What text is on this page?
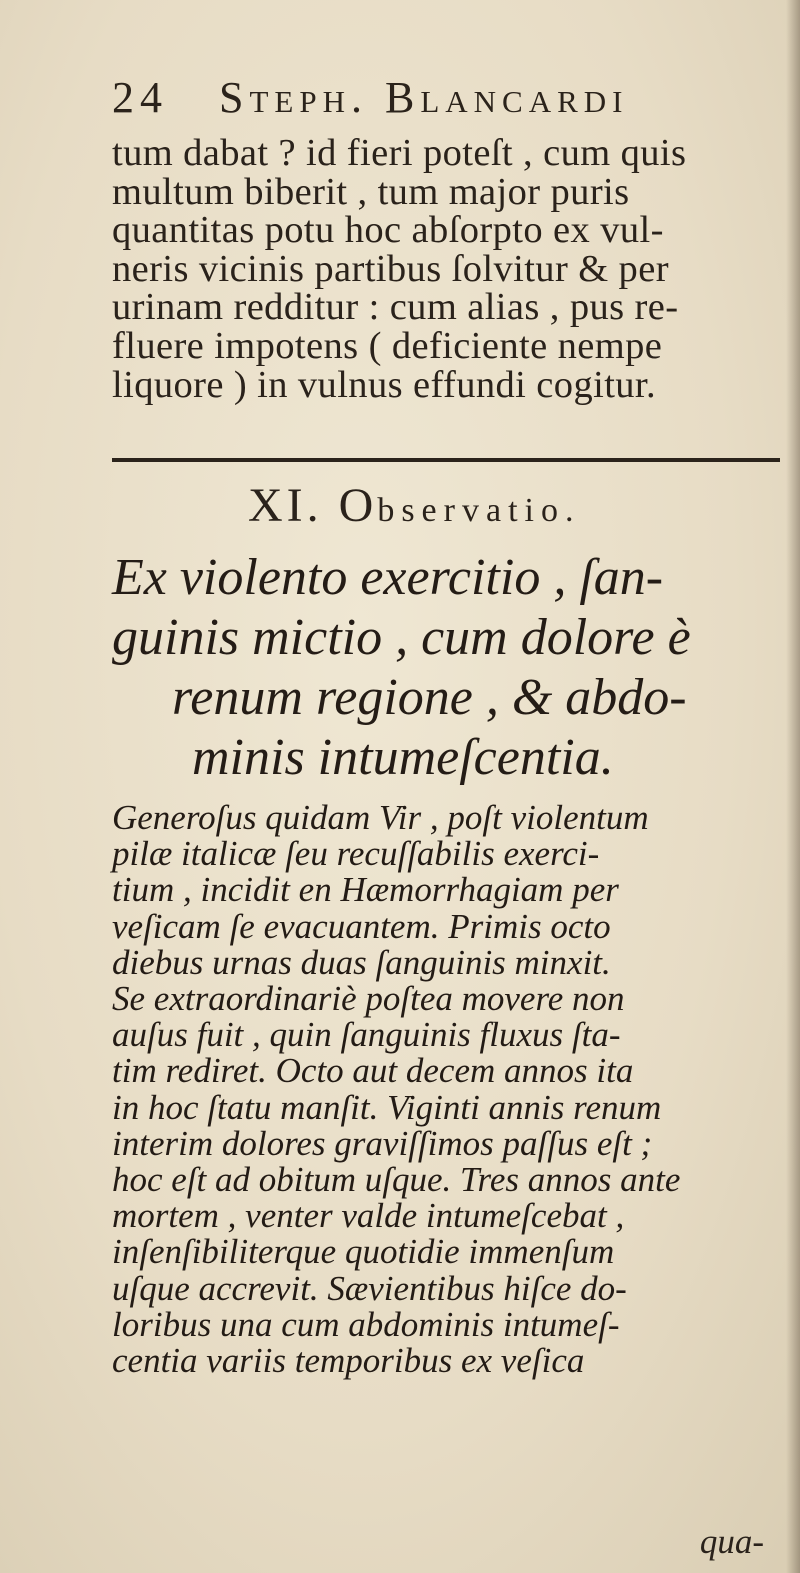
24 Steph. Blancardi
tum dabat ? id fieri poteſt , cum quis
multum biberit , tum major puris
quantitas potu hoc abſorpto ex vul-
neris vicinis partibus ſolvitur & per
urinam redditur : cum alias , pus re-
fluere impotens ( deficiente nempe
liquore ) in vulnus effundi cogitur.
XI. Observatio.
Ex violento exercitio , ſan-
guinis mictio , cum dolore è
renum regione , & abdo-
minis intumeſcentia.
Generoſus quidam Vir , poſt violentum
pilæ italicæ ſeu recuſſabilis exerci-
tium , incidit en Hæmorrhagiam per
veſicam ſe evacuantem. Primis octo
diebus urnas duas ſanguinis minxit.
Se extraordinariè poſtea movere non
auſus fuit , quin ſanguinis fluxus ſta-
tim rediret. Octo aut decem annos ita
in hoc ſtatu manſit. Viginti annis renum
interim dolores graviſſimos paſſus eſt ;
hoc eſt ad obitum uſque. Tres annos ante
mortem , venter valde intumeſcebat ,
inſenſibiliterque quotidie immenſum
uſque accrevit. Sævientibus hiſce do-
loribus una cum abdominis intumeſ-
centia variis temporibus ex veſica
qua-
